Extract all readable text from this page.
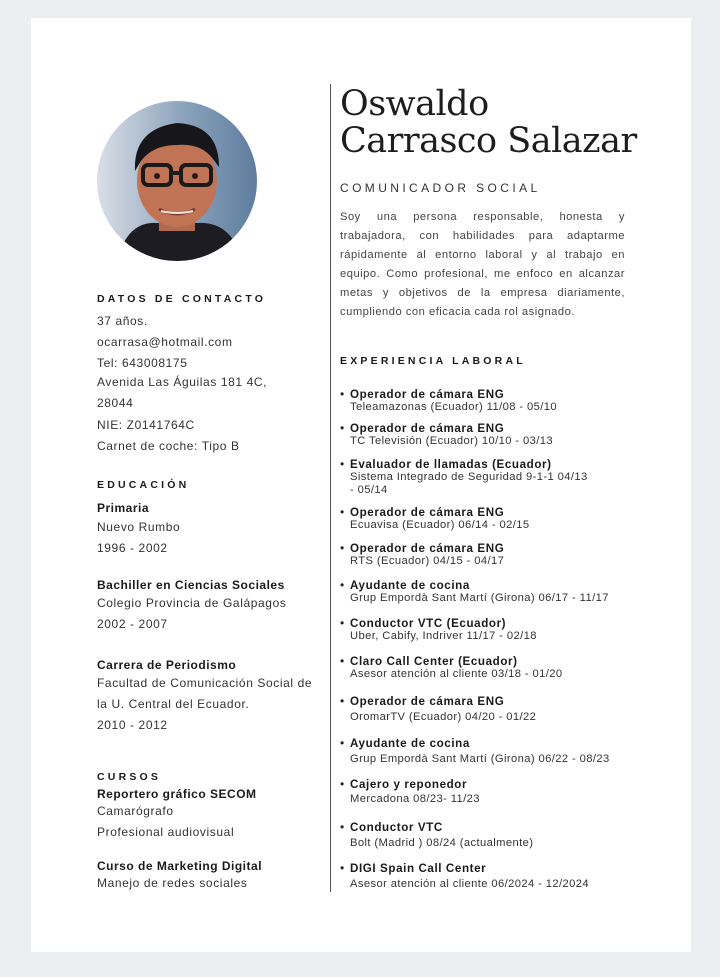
DATOS DE CONTACTO
37 años.
ocarrasa@hotmail.com
Tel: 643008175
Avenida Las Águilas 181 4C, 28044
NIE: Z0141764C
Carnet de coche: Tipo B
EDUCACIÓN
Primaria
Nuevo Rumbo
1996 - 2002
Bachiller en Ciencias Sociales
Colegio Provincia de Galápagos
2002 - 2007
Carrera de Periodismo
Facultad de Comunicación Social de la U. Central del Ecuador.
2010 - 2012
CURSOS
Reportero gráfico SECOM
Camarógrafo
Profesional audiovisual
Curso de Marketing Digital
Manejo de redes sociales
Oswaldo
Carrasco Salazar
COMUNICADOR SOCIAL
Soy una persona responsable, honesta y trabajadora, con habilidades para adaptarme rápidamente al entorno laboral y al trabajo en equipo. Como profesional, me enfoco en alcanzar metas y objetivos de la empresa diariamente, cumpliendo con eficacia cada rol asignado.
EXPERIENCIA LABORAL
• Operador de cámara ENG
Teleamazonas (Ecuador) 11/08 - 05/10
• Operador de cámara ENG
TC Televisión (Ecuador) 10/10 - 03/13
• Evaluador de llamadas (Ecuador)
Sistema Integrado de Seguridad 9-1-1 04/13 - 05/14
• Operador de cámara ENG
Ecuavisa (Ecuador) 06/14 - 02/15
• Operador de cámara ENG
RTS (Ecuador) 04/15 - 04/17
• Ayudante de cocina
Grup Empordà Sant Martí (Girona) 06/17 - 11/17
• Conductor VTC (Ecuador)
Uber, Cabify, Indriver 11/17 - 02/18
• Claro Call Center (Ecuador)
Asesor atención al cliente 03/18 - 01/20
• Operador de cámara ENG
OromarTV (Ecuador) 04/20 - 01/22
• Ayudante de cocina
Grup Empordà Sant Martí (Girona) 06/22 - 08/23
• Cajero y reponedor
Mercadona 08/23- 11/23
• Conductor VTC
Bolt (Madrid ) 08/24 (actualmente)
• DIGI Spain Call Center
Asesor atención al cliente 06/2024 - 12/2024
